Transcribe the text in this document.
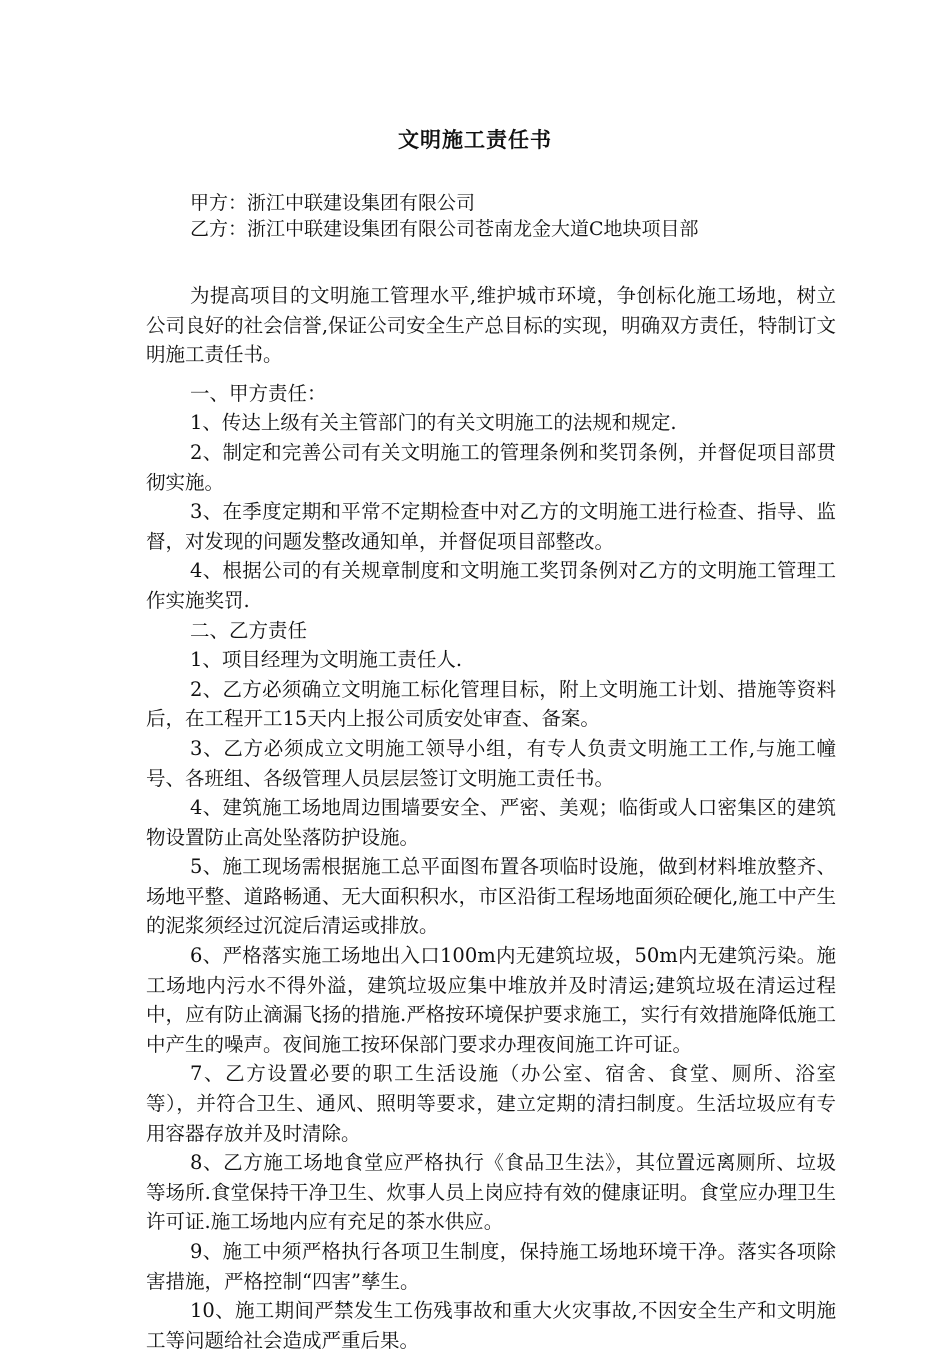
文明施工责任书
甲方：浙江中联建设集团有限公司
乙方：浙江中联建设集团有限公司苍南龙金大道C地块项目部

为提高项目的文明施工管理水平,维护城市环境，争创标化施工场地，树立公司良好的社会信誉,保证公司安全生产总目标的实现，明确双方责任，特制订文明施工责任书。

一、甲方责任：

1、传达上级有关主管部门的有关文明施工的法规和规定.

2、制定和完善公司有关文明施工的管理条例和奖罚条例，并督促项目部贯彻实施。

3、在季度定期和平常不定期检查中对乙方的文明施工进行检查、指导、监督，对发现的问题发整改通知单，并督促项目部整改。

4、根据公司的有关规章制度和文明施工奖罚条例对乙方的文明施工管理工作实施奖罚.

二、乙方责任

1、项目经理为文明施工责任人.

2、乙方必须确立文明施工标化管理目标，附上文明施工计划、措施等资料后，在工程开工15天内上报公司质安处审查、备案。

3、乙方必须成立文明施工领导小组，有专人负责文明施工工作,与施工幢号、各班组、各级管理人员层层签订文明施工责任书。

4、建筑施工场地周边围墙要安全、严密、美观；临街或人口密集区的建筑物设置防止高处坠落防护设施。

5、施工现场需根据施工总平面图布置各项临时设施，做到材料堆放整齐、场地平整、道路畅通、无大面积积水，市区沿街工程场地面须砼硬化,施工中产生的泥浆须经过沉淀后清运或排放。

6、严格落实施工场地出入口100m内无建筑垃圾，50m内无建筑污染。施工场地内污水不得外溢，建筑垃圾应集中堆放并及时清运;建筑垃圾在清运过程中，应有防止滴漏飞扬的措施.严格按环境保护要求施工，实行有效措施降低施工中产生的噪声。夜间施工按环保部门要求办理夜间施工许可证。

7、乙方设置必要的职工生活设施（办公室、宿舍、食堂、厕所、浴室等），并符合卫生、通风、照明等要求，建立定期的清扫制度。生活垃圾应有专用容器存放并及时清除。

8、乙方施工场地食堂应严格执行《食品卫生法》，其位置远离厕所、垃圾等场所.食堂保持干净卫生、炊事人员上岗应持有效的健康证明。食堂应办理卫生许可证.施工场地内应有充足的茶水供应。

9、施工中须严格执行各项卫生制度，保持施工场地环境干净。落实各项除害措施，严格控制“四害”孳生。

10、施工期间严禁发生工伤残事故和重大火灾事故,不因安全生产和文明施工等问题给社会造成严重后果。
